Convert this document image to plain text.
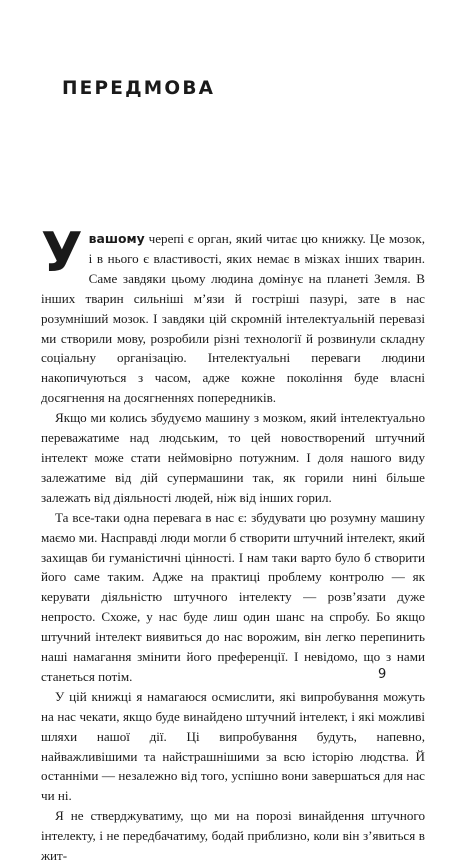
ПЕРЕДМОВА

Увашому черепі є орган, який читає цю книжку. Це мозок, і в нього є властивості, яких немає в мізках інших тварин. Саме завдяки цьому людина домінує на планеті Земля. В інших тварин сильніші м’язи й гостріші пазурі, зате в нас розумніший мозок. І завдяки цій скромній інтелектуальній перевазі ми створили мову, розробили різні технології й розвинули складну соціальну організацію. Інтелектуальні переваги людини накопичуються з часом, адже кожне покоління буде власні досягнення на досягненнях попередників.

Якщо ми колись збудуємо машину з мозком, який інтелектуально переважатиме над людським, то цей новостворений штучний інтелект може стати неймовірно потужним. І доля нашого виду залежатиме від дій супермашини так, як горили нині більше залежать від діяльності людей, ніж від інших горил.

Та все-таки одна перевага в нас є: збудувати цю розумну машину маємо ми. Насправді люди могли б створити штучний інтелект, який захищав би гуманістичні цінності. І нам таки варто було б створити його саме таким. Адже на практиці проблему контролю — як керувати діяльністю штучного інтелекту — розв’язати дуже непросто. Схоже, у нас буде лиш один шанс на спробу. Бо якщо штучний інтелект виявиться до нас ворожим, він легко перепинить наші намагання змінити його преференції. І невідомо, що з нами станеться потім.

У цій книжці я намагаюся осмислити, які випробування можуть на нас чекати, якщо буде винайдено штучний інтелект, і які можливі шляхи нашої дії. Ці випробування будуть, напевно, найважливішими та найстрашнішими за всю історію людства. Й останніми — незалежно від того, успішно вони завершаться для нас чи ні.

Я не стверджуватиму, що ми на порозі винайдення штучного інтелекту, і не передбачатиму, бодай приблизно, коли він з’явиться в жит-

9
